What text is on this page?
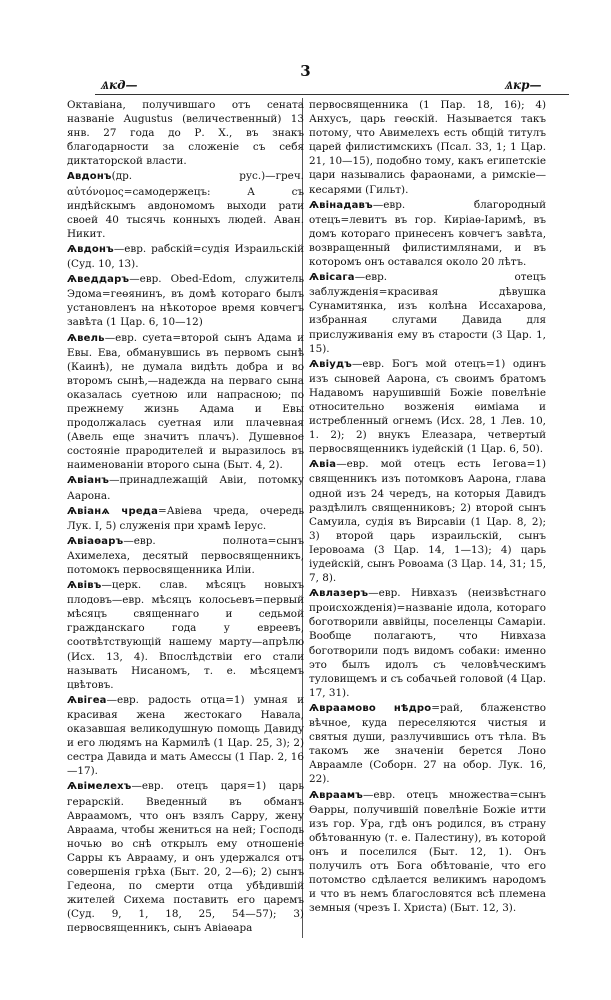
3
Ѧкд—	Ѧкр—

Октавіана, получившаго отъ сената названіе Augustus (величественный) 13 янв. 27 года до Р. Х., въ знакъ благодарности за сложеніе съ себя диктаторской власти.

Авдонъ(др. рус.)—греч. αὐτόνομος=самодержецъ: А съ индѣйскымъ авдономомъ выходи рати своей 40 тысячь конныхъ людей. Аван. Никит.

Ѧвдонъ—евр. рабскій=судія Израильскій (Суд. 10, 13).

Ѧведдаръ—евр. Obed-Edom, служитель Эдома=геөянинъ, въ домѣ котораго былъ установленъ на нѣкоторое время ковчегъ завѣта (1 Цар. 6, 10—12)

Ѧвель—евр. суета=второй сынъ Адама и Евы. Ева, обманувшись въ первомъ сынѣ (Каинѣ), не думала видѣть добра и во второмъ сынѣ,—надежда на перваго сына оказалась суетною или напрасною; по прежнему жизнь Адама и Евы продолжалась суетная или плачевная (Авель еще значитъ плачъ). Душевное состояніе прародителей и выразилось въ наименованіи второго сына (Быт. 4, 2).

Ѧвіанъ—принадлежащій Авіи, потомку Аарона.

Ѧвіанѧ чреда=Авіева чреда, очередь Лук. I, 5) служенія при храмѣ Іерус.

Ѧвіаѳаръ—евр. полнота=сынъ Ахимелеха, десятый первосвященникъ, потомокъ первосвященника Иліи.

Ѧвівъ—церк. слав. мѣсяцъ новыхъ плодовъ—евр. мѣсяцъ колосьевъ=первый мѣсяцъ священнаго и седьмой гражданскаго года у евреевъ, соотвѣтствующій нашему марту—апрѣлю (Исх. 13, 4). Впослѣдствіи его стали называть Нисаномъ, т. е. мѣсяцемъ цвѣтовъ.

Ѧвігеа—евр. радость отца=1) умная и красивая жена жестокаго Навала, оказавшая великодушную помощь Давиду и его людямъ на Кармилѣ (1 Цар. 25, 3); 2) сестра Давида и мать Амессы (1 Пар. 2, 16—17).

Ѧвімелехъ—евр. отецъ царя=1) царь герарскій. Введенный въ обманъ Авраамомъ, что онъ взялъ Сарру, жену Авраама, чтобы жениться на ней; Господь ночью во снѣ открылъ ему отношеніе Сарры къ Аврааму, и онъ удержался отъ совершенія грѣха (Быт. 20, 2—6); 2) сынъ Гедеона, по смерти отца убѣдившій жителей Сихема поставить его царемъ (Суд. 9, 1, 18, 25, 54—57); 3) первосвященникъ, сынъ Авіаѳара

первосвященника (1 Пар. 18, 16); 4) Анхусъ, царь геөскій. Называется такъ потому, что Авимелехъ есть общій титулъ царей филистимскихъ (Псал. 33, 1; 1 Цар. 21, 10—15), подобно тому, какъ египетскіе цари назывались фараонами, а римскіе—кесарями (Гильт).

Ѧвінадавъ—евр. благородный отецъ=левитъ въ гор. Киріаѳ-Іаримѣ, въ домъ котораго принесенъ ковчегъ завѣта, возвращенный филистимлянами, и въ которомъ онъ оставался около 20 лѣтъ.

Ѧвісага—евр. отецъ заблужденія=красивая дѣвушка Сунамитянка, изъ колѣна Иссахарова, избранная слугами Давида для прислуживанія ему въ старости (3 Цар. 1, 15).

Ѧвіудъ—евр. Богъ мой отецъ=1) одинъ изъ сыновей Аарона, съ своимъ братомъ Надавомъ нарушившій Божіе повелѣніе относительно возженія ѳиміама и истребленный огнемъ (Исх. 28, 1 Лев. 10, 1. 2); 2) внукъ Елеазара, четвертый первосвященникъ іудейскій (1 Цар. 6, 50).

Ѧвіа—евр. мой отецъ есть Іегова=1) священникъ изъ потомковъ Аарона, глава одной изъ 24 чередъ, на которыя Давидъ раздѣлилъ священниковъ; 2) второй сынъ Самуила, судія въ Вирсавіи (1 Цар. 8, 2); 3) второй царь израильскій, сынъ Іеровоама (3 Цар. 14, 1—13); 4) царь іудейскій, сынъ Ровоама (3 Цар. 14, 31; 15, 7, 8).

Ѧвлазеръ—евр. Нивхазъ (неизвѣстнаго происхожденія)=названіе идола, котораго боготворили аввійцы, поселенцы Самаріи. Вообще полагаютъ, что Нивхаза боготворили подъ видомъ собаки: именно это былъ идолъ съ человѣческимъ туловищемъ и съ собачьей головой (4 Цар. 17, 31).

Ѧвраамово нѣдро=рай, блаженство вѣчное, куда переселяются чистыя и святыя души, разлучившись отъ тѣла. Въ такомъ же значеніи берется Лоно Авраамле (Соборн. 27 на обор. Лук. 16, 22).

Ѧвраамъ—евр. отецъ множества=сынъ Ѳарры, получившій повелѣніе Божіе итти изъ гор. Ура, гдѣ онъ родился, въ страну обѣтованную (т. е. Палестину), въ которой онъ и поселился (Быт. 12, 1). Онъ получилъ отъ Бога обѣтованіе, что его потомство сдѣлается великимъ народомъ и что въ немъ благословятся всѣ племена земныя (чрезъ І. Христа) (Быт. 12, 3).
